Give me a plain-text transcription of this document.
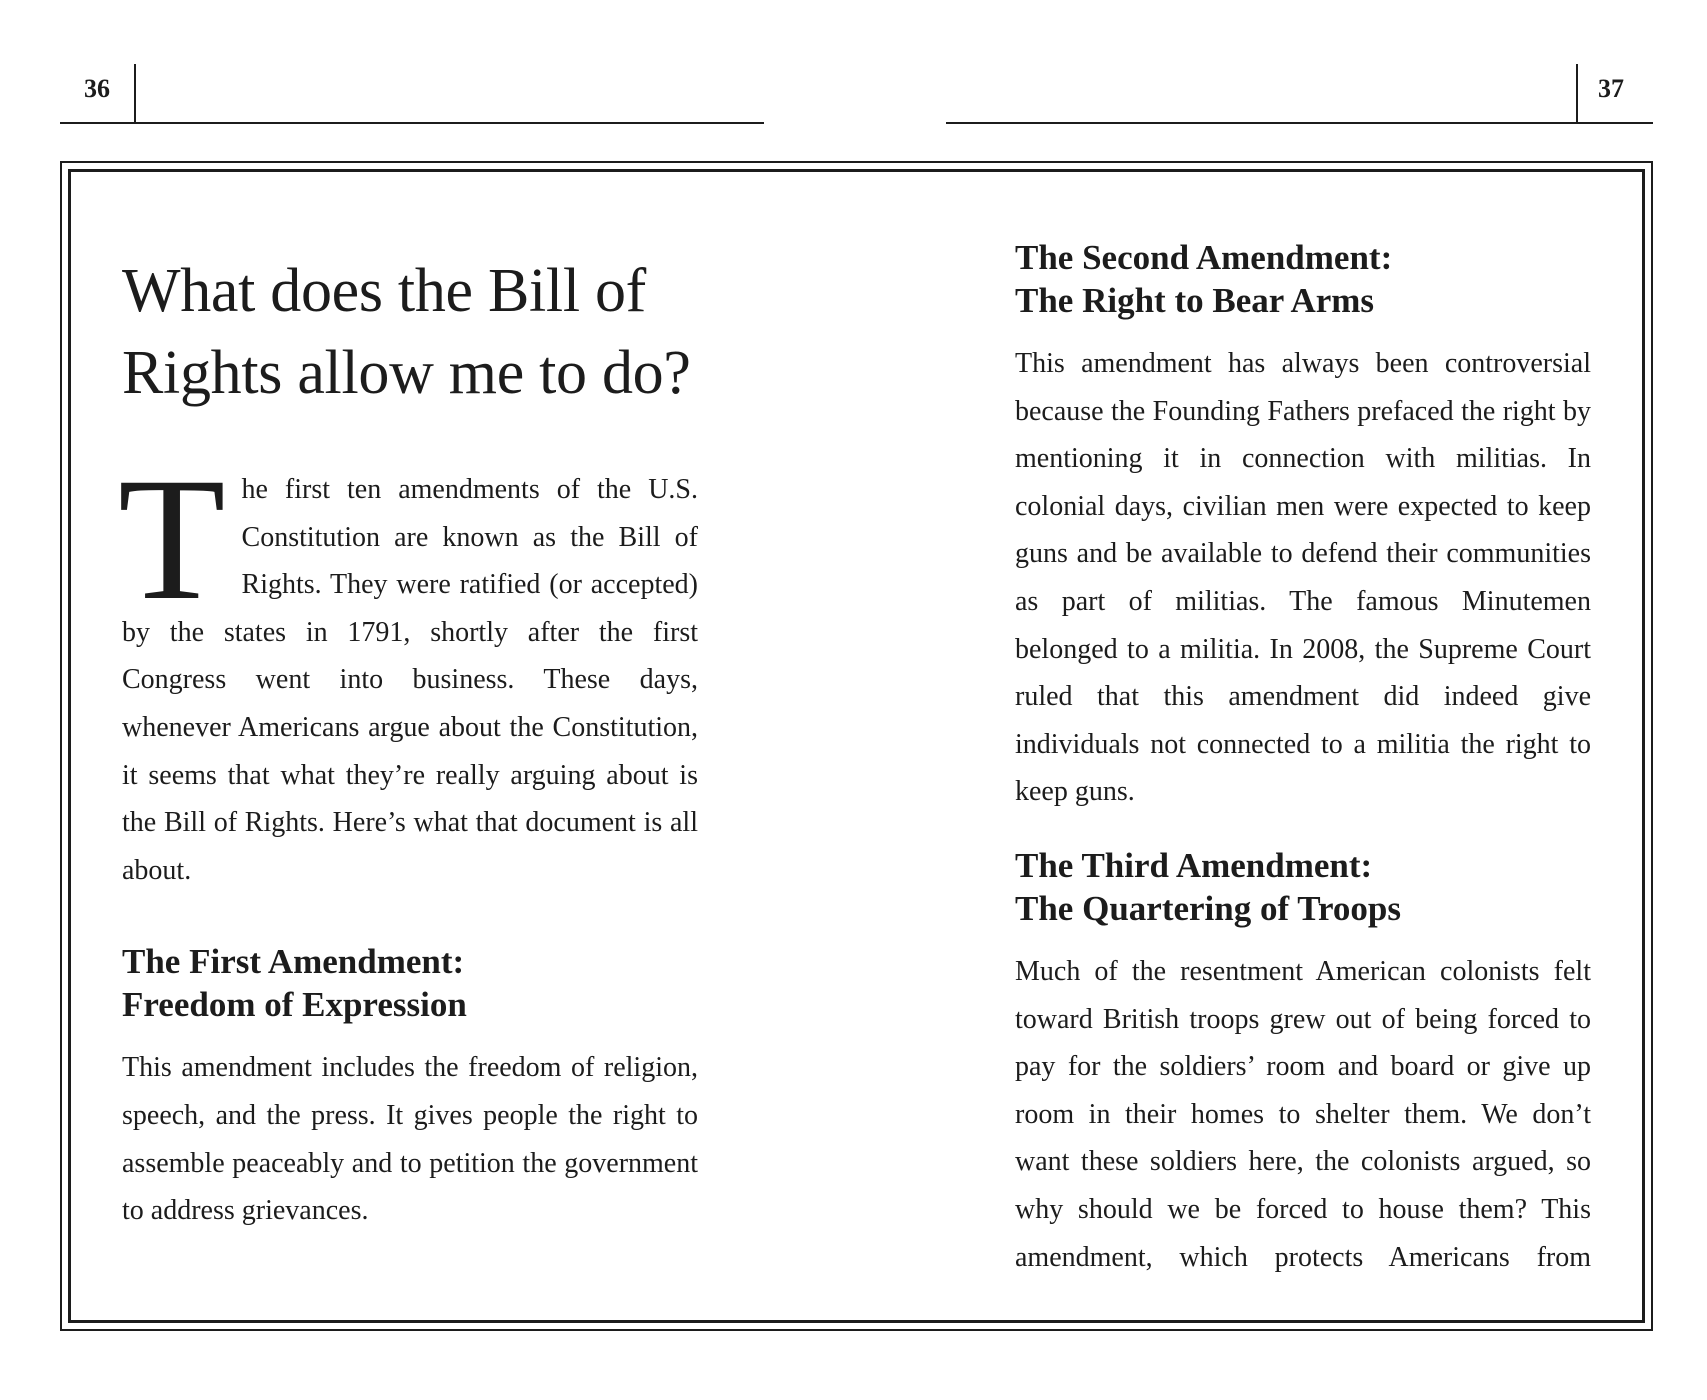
36	37
What does the Bill of Rights allow me to do?

The first ten amendments of the U.S. Constitution are known as the Bill of Rights. They were ratified (or accepted) by the states in 1791, shortly after the first Congress went into business. These days, whenever Americans argue about the Constitution, it seems that what they’re really arguing about is the Bill of Rights. Here’s what that document is all about.

The First Amendment:
Freedom of Expression

This amendment includes the freedom of religion, speech, and the press. It gives people the right to assemble peaceably and to petition the government to address grievances.

The Second Amendment:
The Right to Bear Arms

This amendment has always been controversial because the Founding Fathers prefaced the right by mentioning it in connection with militias. In colonial days, civilian men were expected to keep guns and be available to defend their communities as part of militias. The famous Minutemen belonged to a militia. In 2008, the Supreme Court ruled that this amendment did indeed give individuals not connected to a militia the right to keep guns.

The Third Amendment:
The Quartering of Troops

Much of the resentment American colonists felt toward British troops grew out of being forced to pay for the soldiers’ room and board or give up room in their homes to shelter them. We don’t want these soldiers here, the colonists argued, so why should we be forced to house them? This amendment, which protects Americans from
